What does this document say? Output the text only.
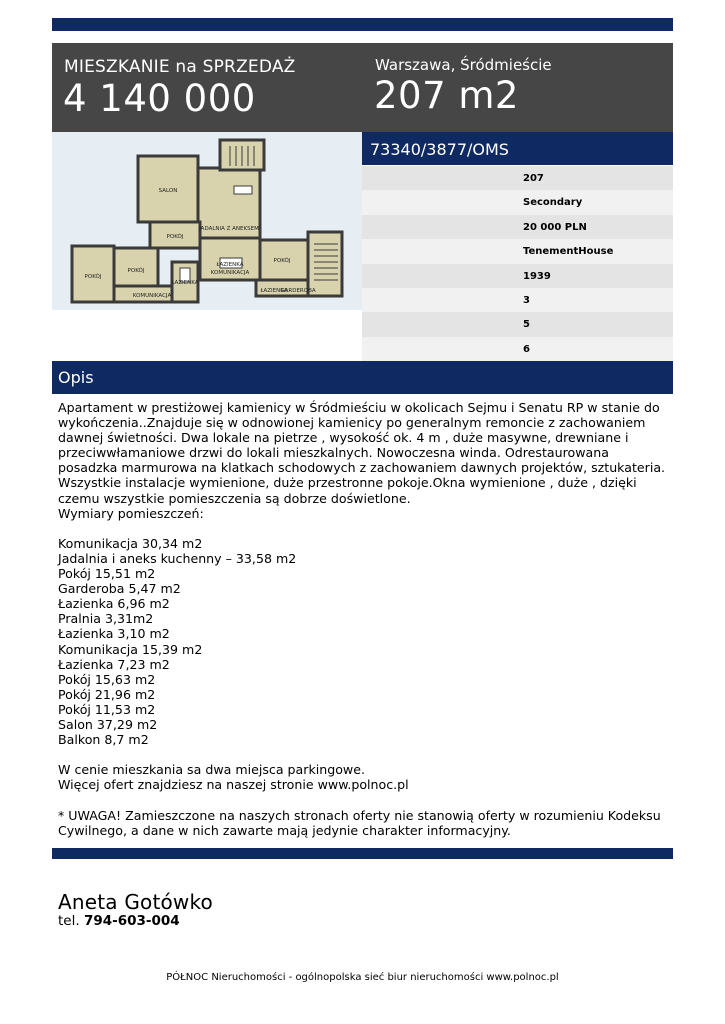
MIESZKANIE na SPRZEDAŻ
4 140 000
Warszawa, Śródmieście
207 m2
SALON
JADALNIA Z ANEKSEM
POKÓJ
POKÓJ
POKÓJ
POKÓJ
KOMUNIKACJA
ŁAZIENKA
ŁAZIENKA
KOMUNIKACJA
ŁAZIENKA
GARDEROBA
73340/3877/OMS
207
Secondary
20 000 PLN
TenementHouse
1939
3
5
6
Opis

Apartament w prestiżowej kamienicy w Śródmieściu w okolicach Sejmu i Senatu RP w stanie do wykończenia..Znajduje się w odnowionej kamienicy po generalnym remoncie z zachowaniem dawnej świetności. Dwa lokale na pietrze , wysokość ok. 4 m , duże masywne, drewniane i przeciwwłamaniowe drzwi do lokali mieszkalnych. Nowoczesna winda. Odrestaurowana posadzka marmurowa na klatkach schodowych z zachowaniem dawnych projektów, sztukateria.

Wszystkie instalacje wymienione, duże przestronne pokoje.Okna wymienione , duże , dzięki czemu wszystkie pomieszczenia są dobrze doświetlone.

Wymiary pomieszczeń:

Komunikacja 30,34 m2

Jadalnia i aneks kuchenny – 33,58 m2

Pokój 15,51 m2

Garderoba 5,47 m2

Łazienka 6,96 m2

Pralnia 3,31m2

Łazienka 3,10 m2

Komunikacja 15,39 m2

Łazienka 7,23 m2

Pokój 15,63 m2

Pokój 21,96 m2

Pokój 11,53 m2

Salon 37,29 m2

Balkon 8,7 m2

W cenie mieszkania sa dwa miejsca parkingowe.

Więcej ofert znajdziesz na naszej stronie www.polnoc.pl

* UWAGA! Zamieszczone na naszych stronach oferty nie stanowią oferty w rozumieniu Kodeksu Cywilnego, a dane w nich zawarte mają jedynie charakter informacyjny.

Aneta Gotówko
tel. 794-603-004
PÓŁNOC Nieruchomości - ogólnopolska sieć biur nieruchomości www.polnoc.pl
